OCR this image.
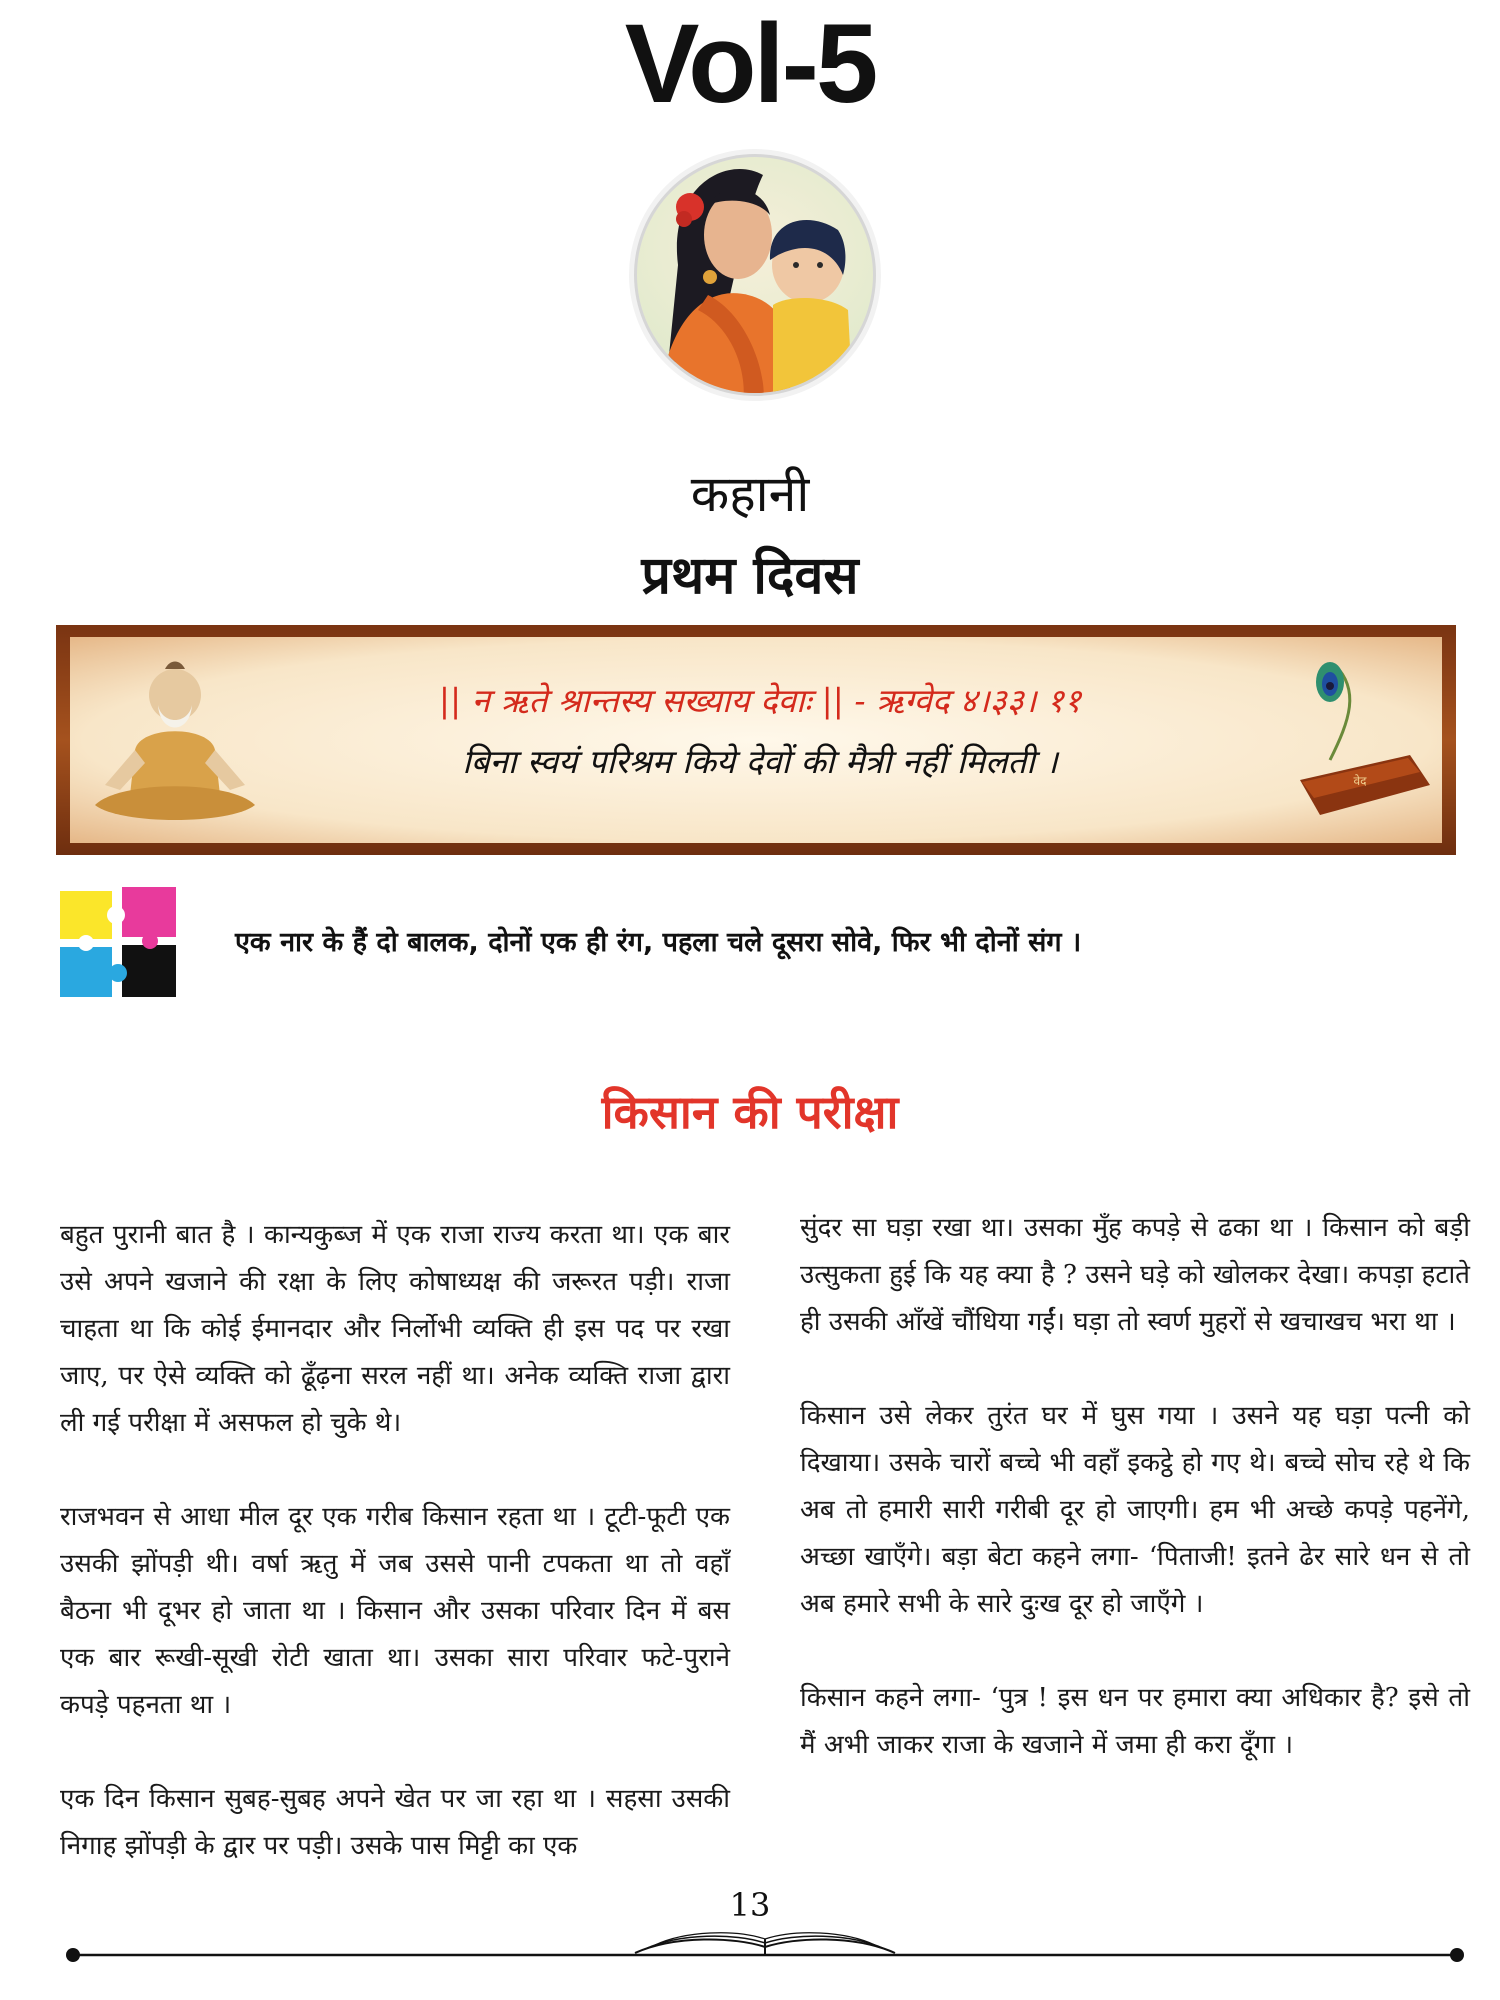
Vol-5
कहानी
प्रथम दिवस
वेद
|| न ऋते श्रान्तस्य सख्याय देवाः || - ऋग्वेद ४।३३। ११
बिना स्वयं परिश्रम किये देवों की मैत्री नहीं मिलती ।
एक नार के हैं दो बालक, दोनों एक ही रंग, पहला चले दूसरा सोवे, फिर भी दोनों संग ।
किसान की परीक्षा

बहुत पुरानी बात है । कान्यकुब्ज में एक राजा राज्य करता था। एक बार उसे अपने खजाने की रक्षा के लिए कोषाध्यक्ष की जरूरत पड़ी। राजा चाहता था कि कोई ईमानदार और निर्लोभी व्यक्ति ही इस पद पर रखा जाए, पर ऐसे व्यक्ति को ढूँढ़ना सरल नहीं था। अनेक व्यक्ति राजा द्वारा ली गई परीक्षा में असफल हो चुके थे।

राजभवन से आधा मील दूर एक गरीब किसान रहता था । टूटी-फूटी एक उसकी झोंपड़ी थी। वर्षा ऋतु में जब उससे पानी टपकता था तो वहाँ बैठना भी दूभर हो जाता था । किसान और उसका परिवार दिन में बस एक बार रूखी-सूखी रोटी खाता था। उसका सारा परिवार फटे-पुराने कपड़े पहनता था ।

एक दिन किसान सुबह-सुबह अपने खेत पर जा रहा था । सहसा उसकी निगाह झोंपड़ी के द्वार पर पड़ी। उसके पास मिट्टी का एक

सुंदर सा घड़ा रखा था। उसका मुँह कपड़े से ढका था । किसान को बड़ी उत्सुकता हुई कि यह क्या है ? उसने घड़े को खोलकर देखा। कपड़ा हटाते ही उसकी आँखें चौंधिया गईं। घड़ा तो स्वर्ण मुहरों से खचाखच भरा था ।

किसान उसे लेकर तुरंत घर में घुस गया । उसने यह घड़ा पत्नी को दिखाया। उसके चारों बच्चे भी वहाँ इकट्ठे हो गए थे। बच्चे सोच रहे थे कि अब तो हमारी सारी गरीबी दूर हो जाएगी। हम भी अच्छे कपड़े पहनेंगे, अच्छा खाएँगे। बड़ा बेटा कहने लगा- ‘पिताजी! इतने ढेर सारे धन से तो अब हमारे सभी के सारे दुःख दूर हो जाएँगे ।

किसान कहने लगा- ‘पुत्र ! इस धन पर हमारा क्या अधिकार है? इसे तो मैं अभी जाकर राजा के खजाने में जमा ही करा दूँगा ।

13
